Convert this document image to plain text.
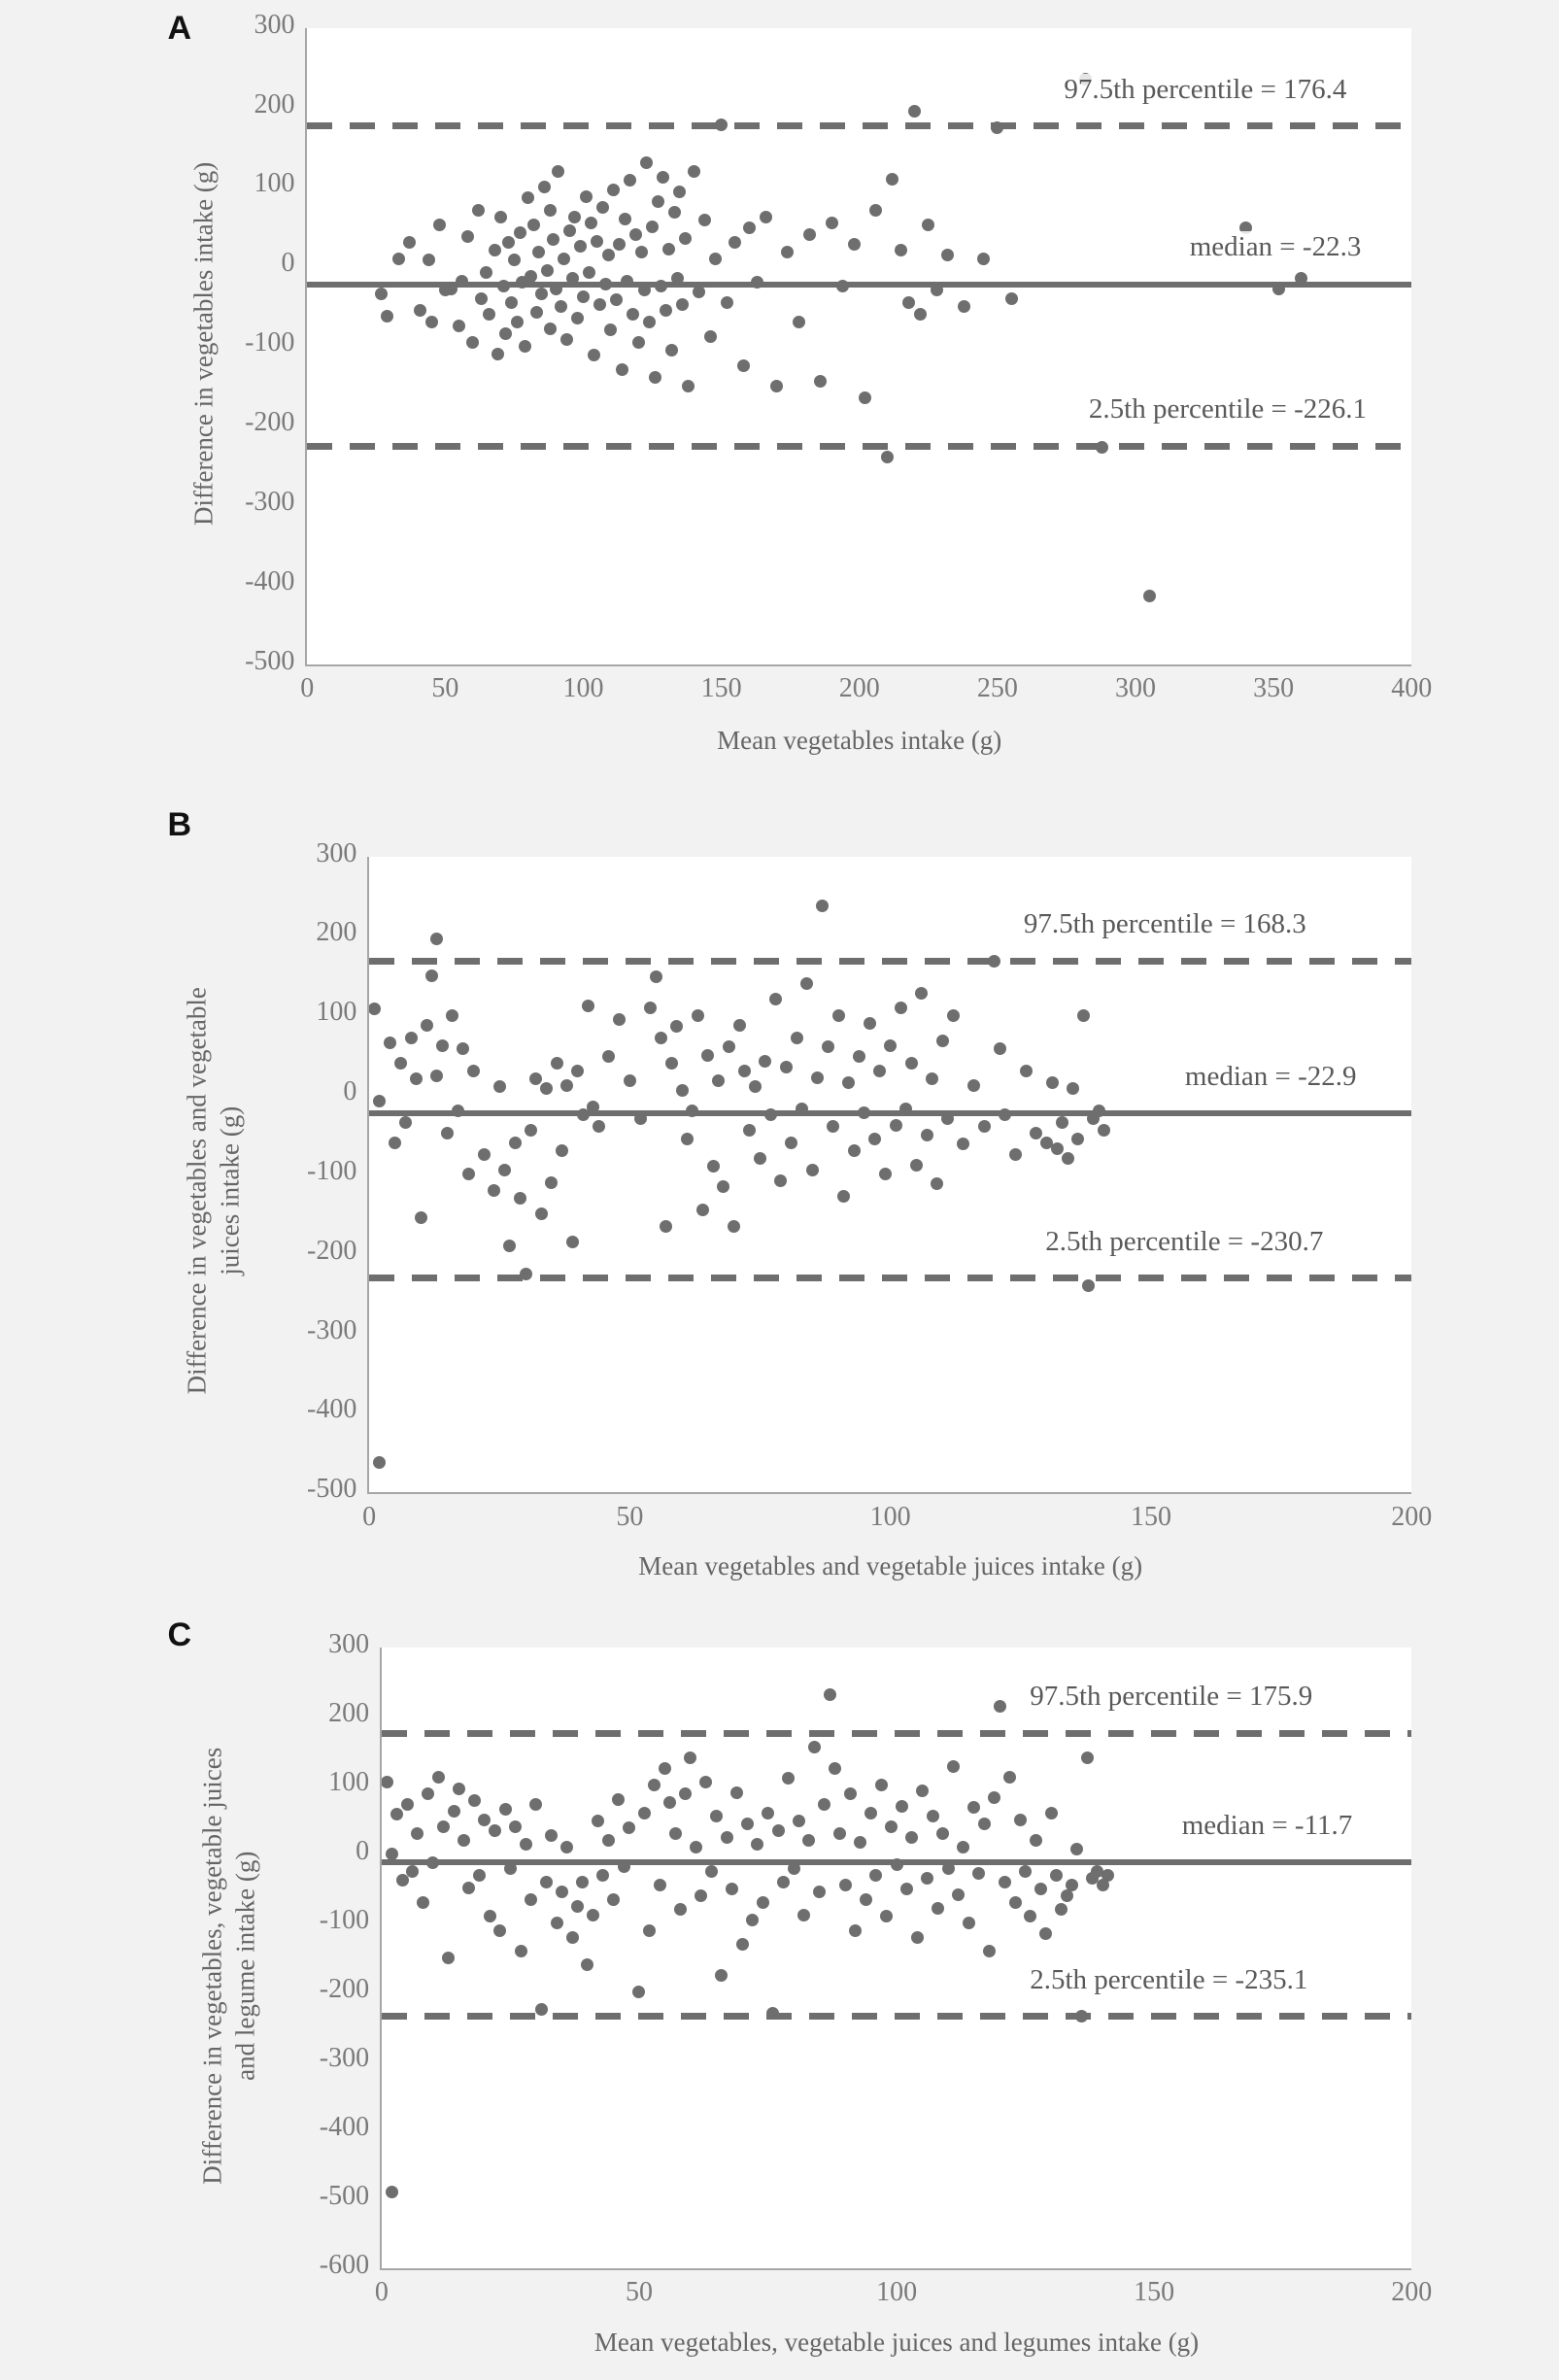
A 300
200
100
0
-100
-200
-300
-400
-500
0	50	100	150	200	250	300	350	400
Mean vegetables intake (g)
Difference in vegetables intake (g)
97.5th percentile = 176.4
median = -22.3
2.5th percentile = -226.1
B
300
200
100
0
-100
-200
-300
-400
-500
0	50	100	150	200
Mean vegetables and vegetable juices intake (g)
Difference in vegetables and vegetable juices intake (g)
97.5th percentile = 168.3
median = -22.9
2.5th percentile = -230.7
C	300
200
100
0
-100
-200
-300
-400
-500
-600
0	50	100	150	200
Mean vegetables, vegetable juices and legumes intake (g)
Difference in vegetables, vegetable juices and legume intake (g)
97.5th percentile = 175.9
median = -11.7
2.5th percentile = -235.1
